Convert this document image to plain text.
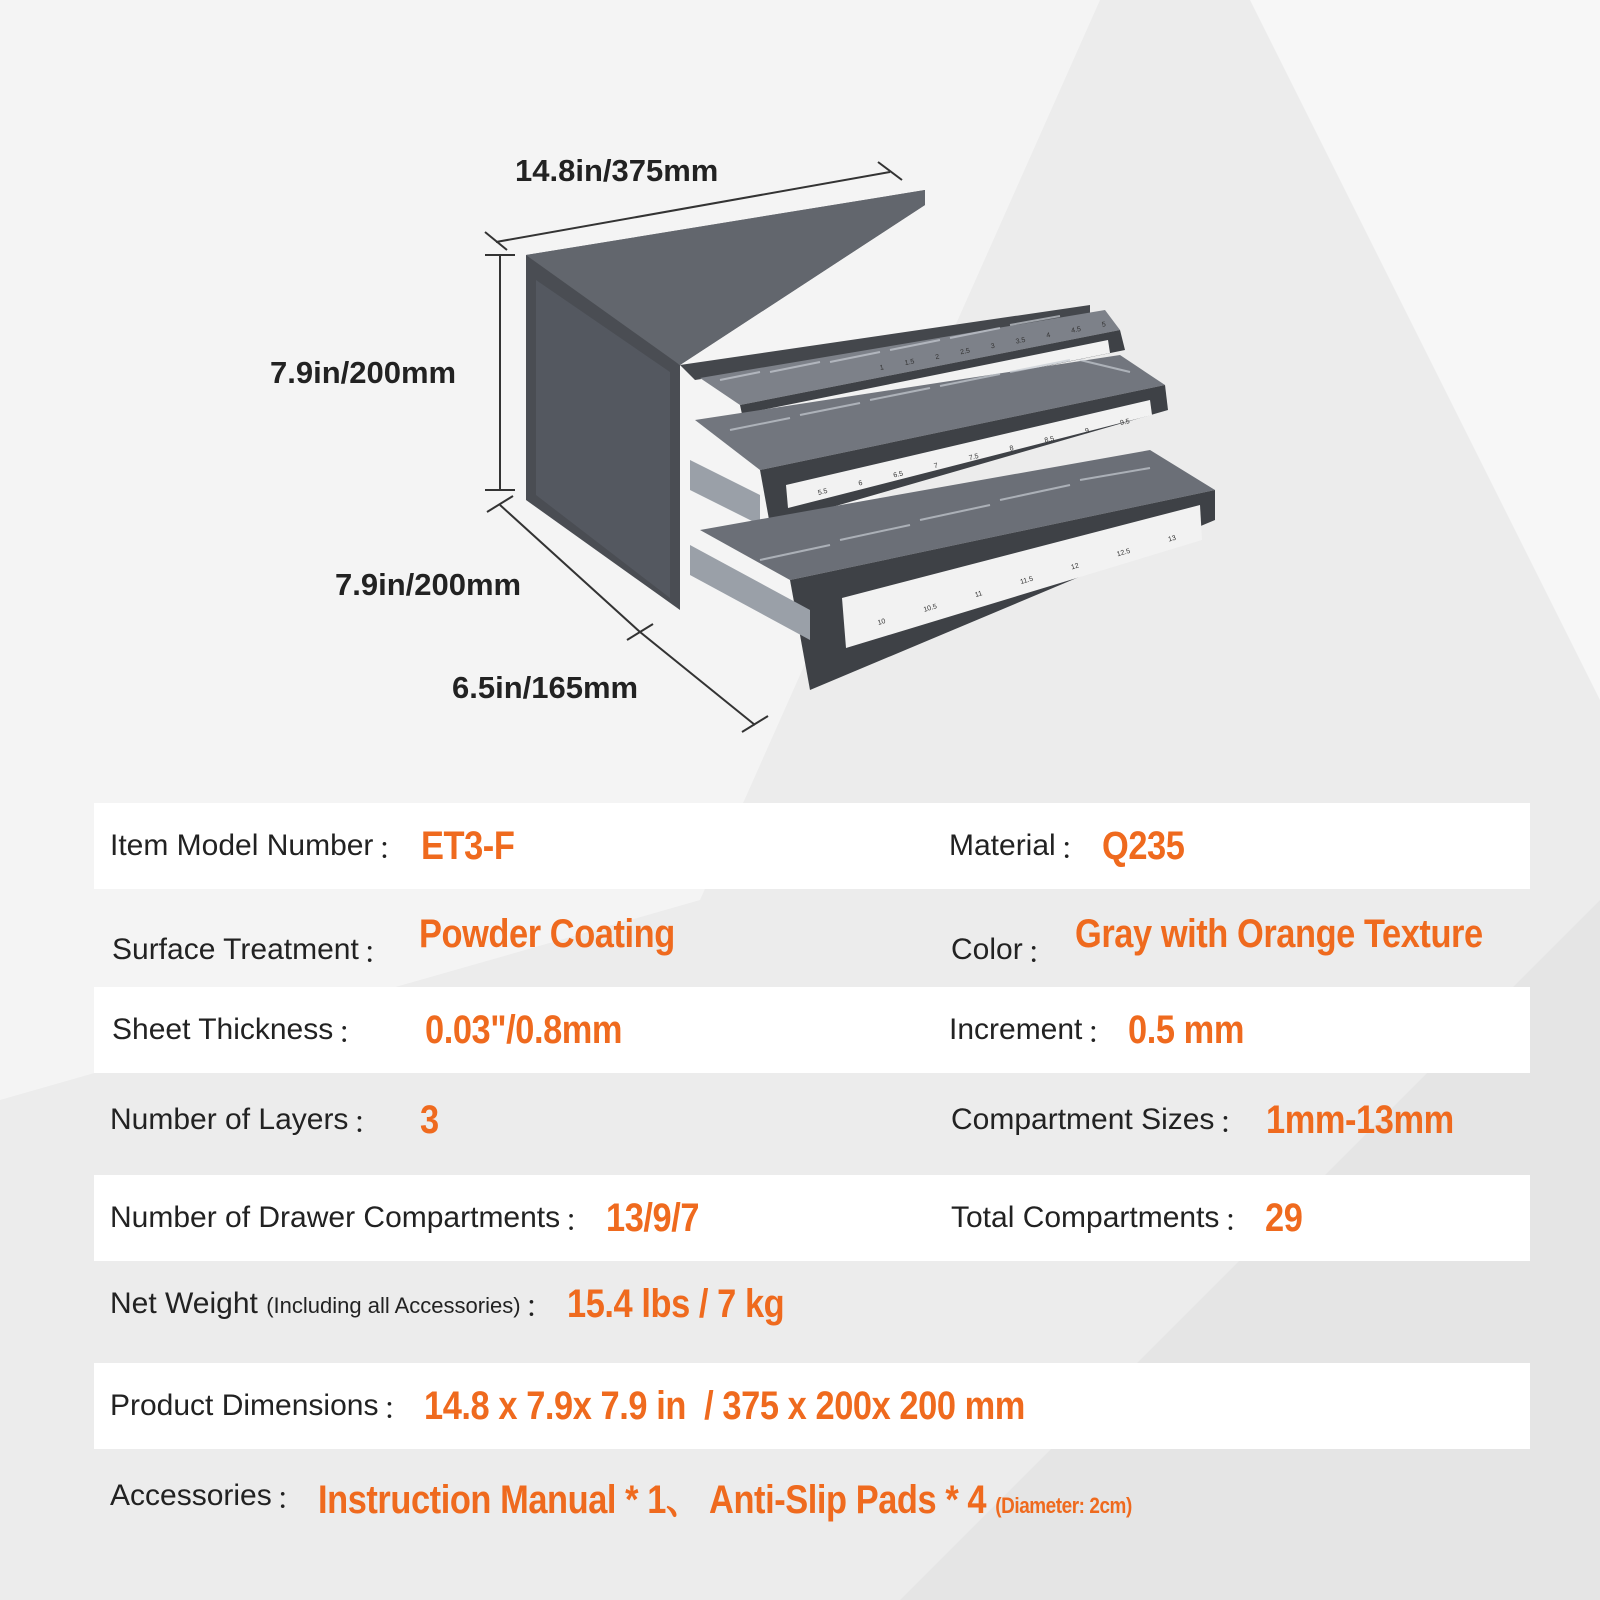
1
1.5
2
2.5
3
3.5
4
4.5
5
5.5
6
6.5
7
7.5
8
8.5
9
9.5
10
10.5
11
11.5
12
12.5
13
14.8in/375mm
7.9in/200mm
7.9in/200mm
6.5in/165mm
Item Model Number ： ET3-F	Material ： Q235
Surface Treatment ： Powder Coating	Color ： Gray with Orange Texture
Sheet Thickness ： 0.03"/0.8mm	Increment ： 0.5 mm
Number of Layers ： 3	Compartment Sizes ： 1mm-13mm
Number of Drawer Compartments ： 13/9/7	Total Compartments ： 29
Net Weight (Including all Accessories) ： 15.4 lbs / 7 kg
Product Dimensions ： 14.8 x 7.9x 7.9 in  / 375 x 200x 200 mm
Accessories ： Instruction Manual * 1、 Anti-Slip Pads * 4 (Diameter: 2cm)
